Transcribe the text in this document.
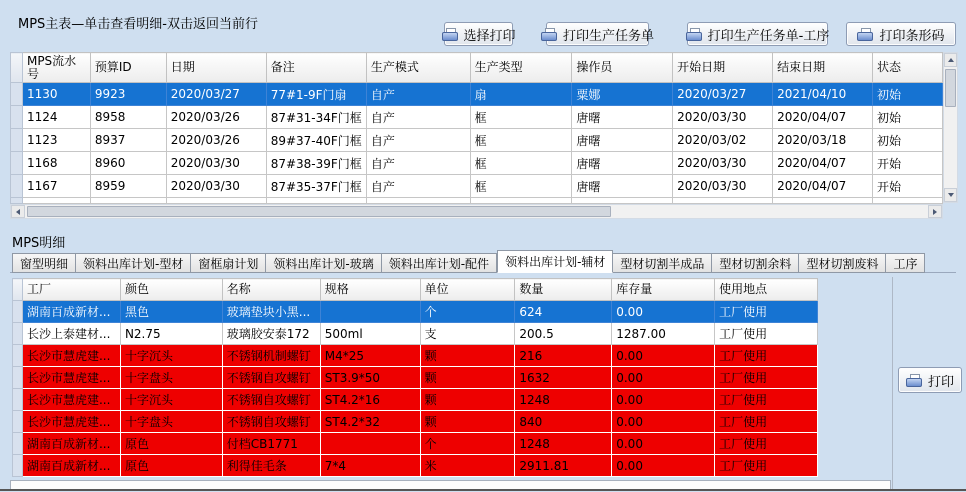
MPS主表—单击查看明细-双击返回当前行
选择打印	打印生产任务单	打印生产任务单-工序	打印条形码
	MPS流水号	预算ID	日期	备注	生产模式	生产类型	操作员	开始日期	结束日期	状态
	1130	9923	2020/03/27	77#1-9F门扇	自产	扇	粟娜	2020/03/27	2021/04/10	初始
	1124	8958	2020/03/26	87#31-34F门框	自产	框	唐曙	2020/03/30	2020/04/07	初始
	1123	8937	2020/03/26	89#37-40F门框	自产	框	唐曙	2020/03/02	2020/03/18	初始
	1168	8960	2020/03/30	87#38-39F门框	自产	框	唐曙	2020/03/30	2020/04/07	开始
	1167	8959	2020/03/30	87#35-37F门框	自产	框	唐曙	2020/03/30	2020/04/07	开始

MPS明细
窗型明细	领料出库计划-型材	窗框扇计划	领料出库计划-玻璃	领料出库计划-配件	领料出库计划-辅材	型材切割半成品	型材切割余料	型材切割废料	工序
	工厂	颜色	名称	规格	单位	数量	库存量	使用地点
	湖南百成新材...	黑色	玻璃垫块小黑...		个	624	0.00	工厂使用
	长沙上泰建材...	N2.75	玻璃胶安泰172	500ml	支	200.5	1287.00	工厂使用
	长沙市慧虎建...	十字沉头	不锈钢机制螺钉	M4*25	颗	216	0.00	工厂使用
	长沙市慧虎建...	十字盘头	不锈钢自攻螺钉	ST3.9*50	颗	1632	0.00	工厂使用
	长沙市慧虎建...	十字沉头	不锈钢自攻螺钉	ST4.2*16	颗	1248	0.00	工厂使用
	长沙市慧虎建...	十字盘头	不锈钢自攻螺钉	ST4.2*32	颗	840	0.00	工厂使用
	湖南百成新材...	原色	付档CB1771		个	1248	0.00	工厂使用
	湖南百成新材...	原色	利得佳毛条	7*4	米	2911.81	0.00	工厂使用
打印
